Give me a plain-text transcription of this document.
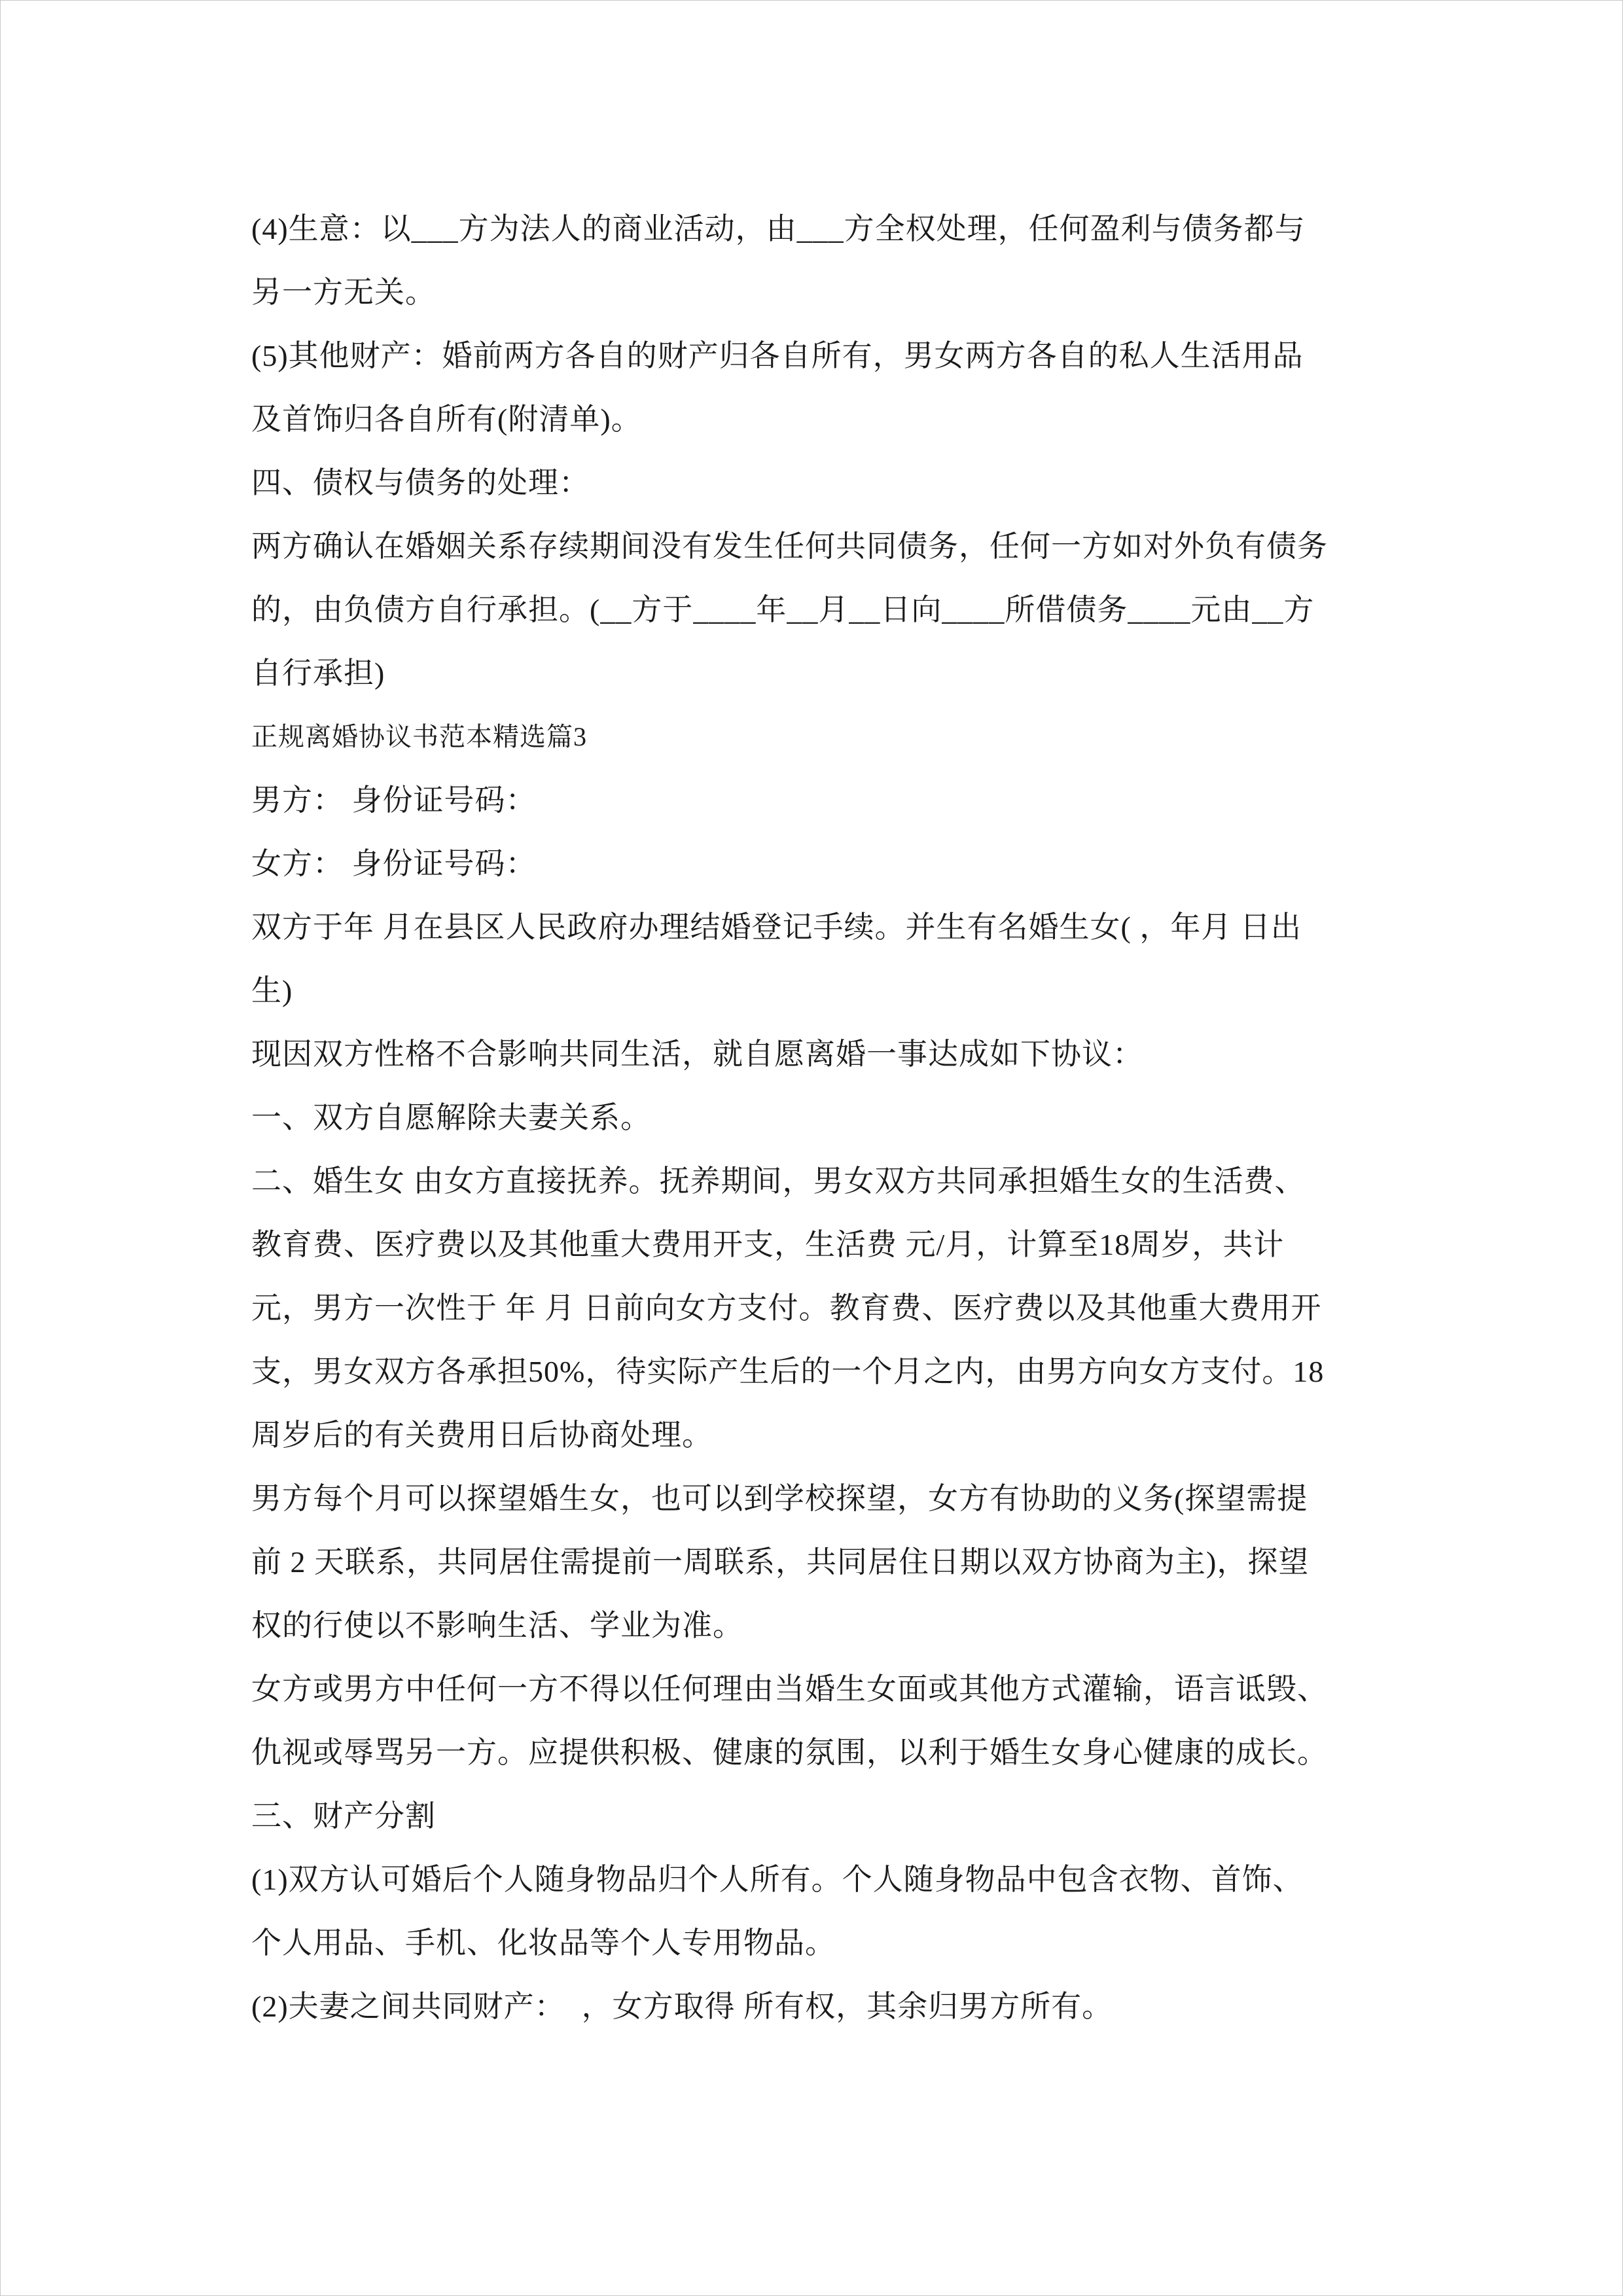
(4)生意：以___方为法人的商业活动，由___方全权处理，任何盈利与债务都与

另一方无关。

(5)其他财产：婚前两方各自的财产归各自所有，男女两方各自的私人生活用品

及首饰归各自所有(附清单)。

四、债权与债务的处理：

两方确认在婚姻关系存续期间没有发生任何共同债务，任何一方如对外负有债务

的，由负债方自行承担。(__方于____年__月__日向____所借债务____元由__方

自行承担)

正规离婚协议书范本精选篇3

男方： 身份证号码：

女方： 身份证号码：

双方于年 月在县区人民政府办理结婚登记手续。并生有名婚生女( ，年月 日出

生)

现因双方性格不合影响共同生活，就自愿离婚一事达成如下协议：

一、双方自愿解除夫妻关系。

二、婚生女 由女方直接抚养。抚养期间，男女双方共同承担婚生女的生活费、

教育费、医疗费以及其他重大费用开支，生活费 元/月，计算至18周岁，共计

元，男方一次性于 年 月 日前向女方支付。教育费、医疗费以及其他重大费用开

支，男女双方各承担50%，待实际产生后的一个月之内，由男方向女方支付。18

周岁后的有关费用日后协商处理。

男方每个月可以探望婚生女，也可以到学校探望，女方有协助的义务(探望需提

前 2 天联系，共同居住需提前一周联系，共同居住日期以双方协商为主)，探望

权的行使以不影响生活、学业为准。

女方或男方中任何一方不得以任何理由当婚生女面或其他方式灌输，语言诋毁、

仇视或辱骂另一方。应提供积极、健康的氛围，以利于婚生女身心健康的成长。

三、财产分割

(1)双方认可婚后个人随身物品归个人所有。个人随身物品中包含衣物、首饰、

个人用品、手机、化妆品等个人专用物品。

(2)夫妻之间共同财产：  ，女方取得 所有权，其余归男方所有。
